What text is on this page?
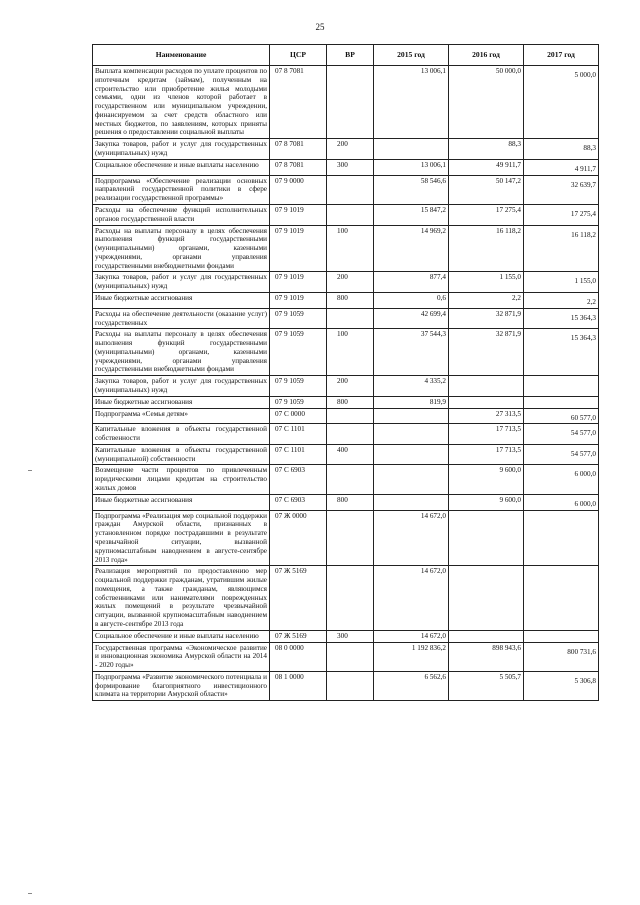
25
Наименование	ЦСР	ВР	2015 год	2016 год	2017 год
Выплата компенсации расходов по уплате процентов по ипотечным кредитам (займам), полученным на строительство или приобретение жилья молодыми семьями, одни из членов которой работает в государственном или муниципальном учреждении, финансируемом за счет средств областного или местных бюджетов, по заявлениям, которых приняты решения о предоставлении социальной выплаты	07 8 7081		13 006,1	50 000,0	5 000,0

Закупка товаров, работ и услуг для государственных (муниципальных) нужд	07 8 7081	200		88,3	88,3

Социальное обеспечение и иные выплаты населению	07 8 7081	300	13 006,1	49 911,7	4 911,7

Подпрограмма «Обеспечение реализации основных направлений государственной политики в сфере реализации государственной программы»	07 9 0000		58 546,6	50 147,2	32 639,7

Расходы на обеспечение функций исполнительных органов государственной власти	07 9 1019		15 847,2	17 275,4	17 275,4

Расходы на выплаты персоналу в целях обеспечения выполнения функций государственными (муниципальными) органами, казенными учреждениями, органами управления государственными внебюджетными фондами	07 9 1019	100	14 969,2	16 118,2	16 118,2

Закупка товаров, работ и услуг для государственных (муниципальных) нужд	07 9 1019	200	877,4	1 155,0	1 155,0

Иные бюджетные ассигнования	07 9 1019	800	0,6	2,2	2,2

Расходы на обеспечение деятельности (оказание услуг) государственных	07 9 1059		42 699,4	32 871,9	15 364,3

Расходы на выплаты персоналу в целях обеспечения выполнения функций государственными (муниципальными) органами, казенными учреждениями, органами управления государственными внебюджетными фондами	07 9 1059	100	37 544,3	32 871,9	15 364,3

Закупка товаров, работ и услуг для государственных (муниципальных) нужд	07 9 1059	200	4 335,2		

Иные бюджетные ассигнования	07 9 1059	800	819,9		

Подпрограмма «Семья детям»	07 С 0000			27 313,5	60 577,0

Капитальные вложения в объекты государственной собственности	07 С 1101			17 713,5	54 577,0

Капитальные вложения в объекты государственной (муниципальной) собственности	07 С 1101	400		17 713,5	54 577,0

Возмещение части процентов по привлеченным юридическими лицами кредитам на строительство жилых домов	07 С 6903			9 600,0	6 000,0

Иные бюджетные ассигнования	07 С 6903	800		9 600,0	6 000,0

Подпрограмма «Реализация мер социальной поддержки граждан Амурской области, признанных в установленном порядке пострадавшими в результате чрезвычайной ситуации, вызванной крупномасштабным наводнением в августе-сентябре 2013 года»	07 Ж 0000		14 672,0		

Реализация мероприятий по предоставлению мер социальной поддержки гражданам, утратившим жилые помещения, а также гражданам, являющимся собственниками или нанимателями поврежденных жилых помещений в результате чрезвычайной ситуации, вызванной крупномасштабным наводнением в августе-сентябре 2013 года	07 Ж 5169		14 672,0		

Социальное обеспечение и иные выплаты населению	07 Ж 5169	300	14 672,0		

Государственная программа «Экономическое развитие и инновационная экономика Амурской области на 2014 - 2020 годы»	08 0 0000		1 192 836,2	898 943,6	800 731,6

Подпрограмма «Развитие экономического потенциала и формирование благоприятного инвестиционного климата на территории Амурской области»	08 1 0000		6 562,6	5 505,7	5 306,8
